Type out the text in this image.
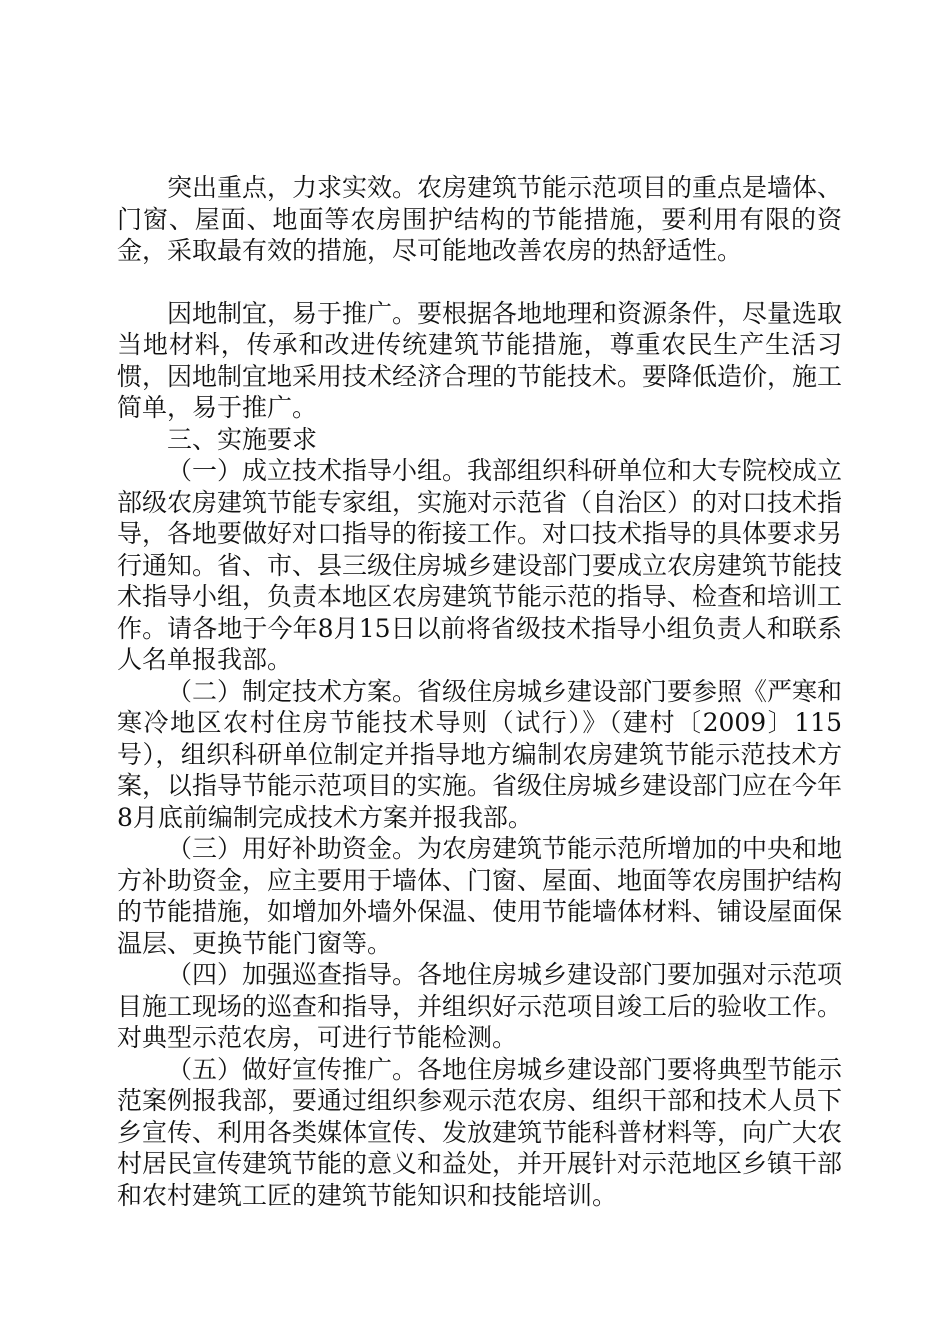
突出重点，力求实效。农房建筑节能示范项目的重点是墙体、门窗、屋面、地面等农房围护结构的节能措施，要利用有限的资金，采取最有效的措施，尽可能地改善农房的热舒适性。

因地制宜，易于推广。要根据各地地理和资源条件，尽量选取当地材料，传承和改进传统建筑节能措施，尊重农民生产生活习惯，因地制宜地采用技术经济合理的节能技术。要降低造价，施工简单，易于推广。

三、实施要求

（一）成立技术指导小组。我部组织科研单位和大专院校成立部级农房建筑节能专家组，实施对示范省（自治区）的对口技术指导，各地要做好对口指导的衔接工作。对口技术指导的具体要求另行通知。省、市、县三级住房城乡建设部门要成立农房建筑节能技术指导小组，负责本地区农房建筑节能示范的指导、检查和培训工作。请各地于今年8月15日以前将省级技术指导小组负责人和联系人名单报我部。

（二）制定技术方案。省级住房城乡建设部门要参照《严寒和寒冷地区农村住房节能技术导则（试行）》（建村〔2009〕115号），组织科研单位制定并指导地方编制农房建筑节能示范技术方案，以指导节能示范项目的实施。省级住房城乡建设部门应在今年8月底前编制完成技术方案并报我部。

（三）用好补助资金。为农房建筑节能示范所增加的中央和地方补助资金，应主要用于墙体、门窗、屋面、地面等农房围护结构的节能措施，如增加外墙外保温、使用节能墙体材料、铺设屋面保温层、更换节能门窗等。

（四）加强巡查指导。各地住房城乡建设部门要加强对示范项目施工现场的巡查和指导，并组织好示范项目竣工后的验收工作。对典型示范农房，可进行节能检测。

（五）做好宣传推广。各地住房城乡建设部门要将典型节能示范案例报我部，要通过组织参观示范农房、组织干部和技术人员下乡宣传、利用各类媒体宣传、发放建筑节能科普材料等，向广大农村居民宣传建筑节能的意义和益处，并开展针对示范地区乡镇干部和农村建筑工匠的建筑节能知识和技能培训。
